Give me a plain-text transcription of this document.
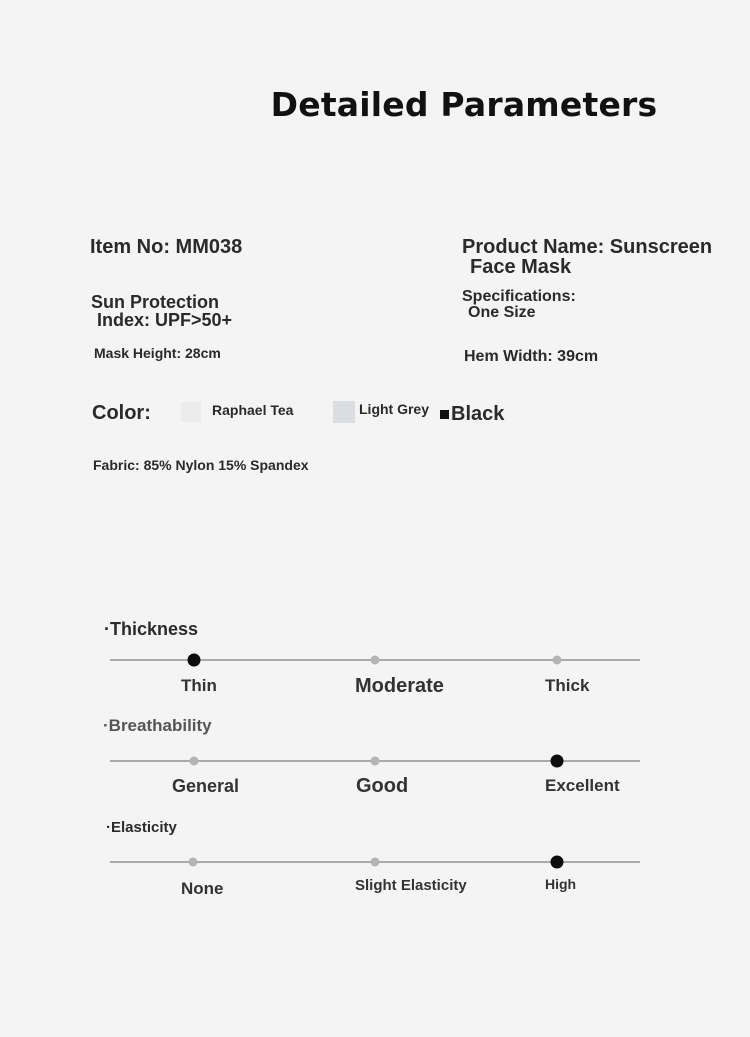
Detailed Parameters
Item No: MM038	Product Name: Sunscreen
Face Mask
Sun Protection
Index: UPF>50+
Specifications:
One Size
Mask Height: 28cm	Hem Width: 39cm
Color:	Raphael Tea	Light Grey	Black
Fabric: 85% Nylon 15% Spandex
·Thickness
Thin	Moderate	Thick
·Breathability
General	Good	Excellent
·Elasticity
None	Slight Elasticity	High
